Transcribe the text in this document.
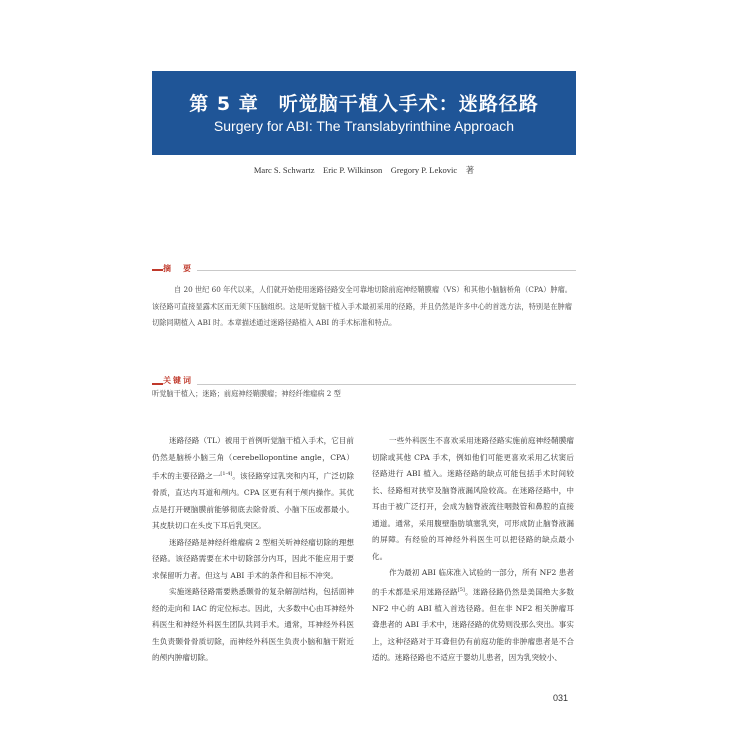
第 5 章　听觉脑干植入手术：迷路径路
Surgery for ABI: The Translabyrinthine Approach
Marc S. Schwartz　Eric P. Wilkinson　Gregory P. Lekovic　著
摘　要
自 20 世纪 60 年代以来，人们就开始使用迷路径路安全可靠地切除前庭神经鞘膜瘤（VS）和其他小脑脑桥角（CPA）肿瘤。该径路可直接显露术区而无须下压脑组织。这是听觉脑干植入手术最初采用的径路，并且仍然是许多中心的首选方法，特别是在肿瘤切除同期植入 ABI 时。本章描述通过迷路径路植入 ABI 的手术标准和特点。
关键词
听觉脑干植入；迷路；前庭神经鞘膜瘤；神经纤维瘤病 2 型

迷路径路（TL）被用于首例听觉脑干植入手术，它目前仍然是脑桥小脑三角（cerebellopontine angle，CPA）手术的主要径路之一[1-4]。该径路穿过乳突和内耳，广泛切除骨质，直达内耳道和颅内。CPA 区更有利于颅内操作。其优点是打开硬脑膜前能够彻底去除骨质、小脑下压或都最小。其皮肤切口在头皮下耳后乳突区。

迷路径路是神经纤维瘤病 2 型相关听神经瘤切除的理想径路。该径路需要在术中切除部分内耳，因此不能应用于要求保留听力者。但这与 ABI 手术的条件和目标不冲突。

实施迷路径路需要熟悉颞骨的复杂解剖结构，包括面神经的走向和 IAC 的定位标志。因此，大多数中心由耳神经外科医生和神经外科医生团队共同手术。通常，耳神经外科医生负责颞骨骨质切除，而神经外科医生负责小脑和脑干附近的颅内肿瘤切除。

一些外科医生不喜欢采用迷路径路实施前庭神经鞘膜瘤切除或其他 CPA 手术，例如他们可能更喜欢采用乙状窦后径路进行 ABI 植入。迷路径路的缺点可能包括手术时间较长、径路相对狭窄及脑脊液漏风险较高。在迷路径路中，中耳由于被广泛打开，会成为脑脊液流往咽鼓管和鼻腔的直接通道。通常，采用腹壁脂肪填塞乳突，可形成防止脑脊液漏的屏障。有经验的耳神经外科医生可以把径路的缺点最小化。

作为最初 ABI 临床准入试验的一部分，所有 NF2 患者的手术都是采用迷路径路[5]。迷路径路仍然是美国绝大多数 NF2 中心的 ABI 植入首选径路。但在非 NF2 相关肿瘤耳聋患者的 ABI 手术中，迷路径路的优势则没那么突出。事实上，这种径路对于耳聋但仍有前庭功能的非肿瘤患者是不合适的。迷路径路也不适应于婴幼儿患者，因为乳突较小、

031
